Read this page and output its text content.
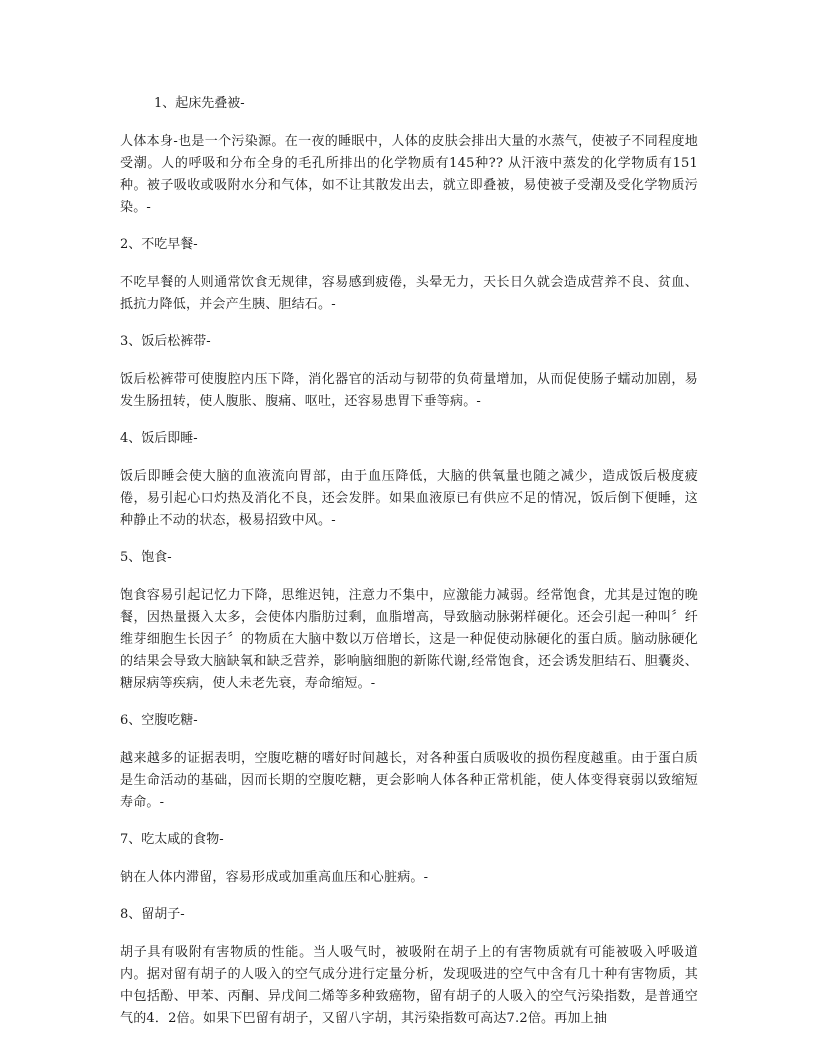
1、起床先叠被-
人体本身-也是一个污染源。在一夜的睡眠中，人体的皮肤会排出大量的水蒸气，使被子不同程度地受潮。人的呼吸和分布全身的毛孔所排出的化学物质有145种?? 从汗液中蒸发的化学物质有151种。被子吸收或吸附水分和气体，如不让其散发出去，就立即叠被，易使被子受潮及受化学物质污染。-
2、不吃早餐-
不吃早餐的人则通常饮食无规律，容易感到疲倦，头晕无力，天长日久就会造成营养不良、贫血、抵抗力降低，并会产生胰、胆结石。-
3、饭后松裤带-
饭后松裤带可使腹腔内压下降，消化器官的活动与韧带的负荷量增加，从而促使肠子蠕动加剧，易发生肠扭转，使人腹胀、腹痛、呕吐，还容易患胃下垂等病。-
4、饭后即睡-
饭后即睡会使大脑的血液流向胃部，由于血压降低，大脑的供氧量也随之减少，造成饭后极度疲倦，易引起心口灼热及消化不良，还会发胖。如果血液原已有供应不足的情况，饭后倒下便睡，这种静止不动的状态，极易招致中风。-
5、饱食-
饱食容易引起记忆力下降，思维迟钝，注意力不集中，应激能力减弱。经常饱食，尤其是过饱的晚餐，因热量摄入太多，会使体内脂肪过剩，血脂增高，导致脑动脉粥样硬化。还会引起一种叫〞纤维芽细胞生长因子〞的物质在大脑中数以万倍增长，这是一种促使动脉硬化的蛋白质。脑动脉硬化的结果会导致大脑缺氧和缺乏营养，影响脑细胞的新陈代谢,经常饱食，还会诱发胆结石、胆囊炎、糖尿病等疾病，使人未老先衰，寿命缩短。-
6、空腹吃糖-
越来越多的证据表明，空腹吃糖的嗜好时间越长，对各种蛋白质吸收的损伤程度越重。由于蛋白质是生命活动的基础，因而长期的空腹吃糖，更会影响人体各种正常机能，使人体变得衰弱以致缩短寿命。-
7、吃太咸的食物-
钠在人体内滞留，容易形成或加重高血压和心脏病。-
8、留胡子-
胡子具有吸附有害物质的性能。当人吸气时，被吸附在胡子上的有害物质就有可能被吸入呼吸道内。据对留有胡子的人吸入的空气成分进行定量分析，发现吸进的空气中含有几十种有害物质，其中包括酚、甲苯、丙酮、异戊间二烯等多种致癌物，留有胡子的人吸入的空气污染指数，是普通空气的4．2倍。如果下巴留有胡子，又留八字胡，其污染指数可高达7.2倍。再加上抽
